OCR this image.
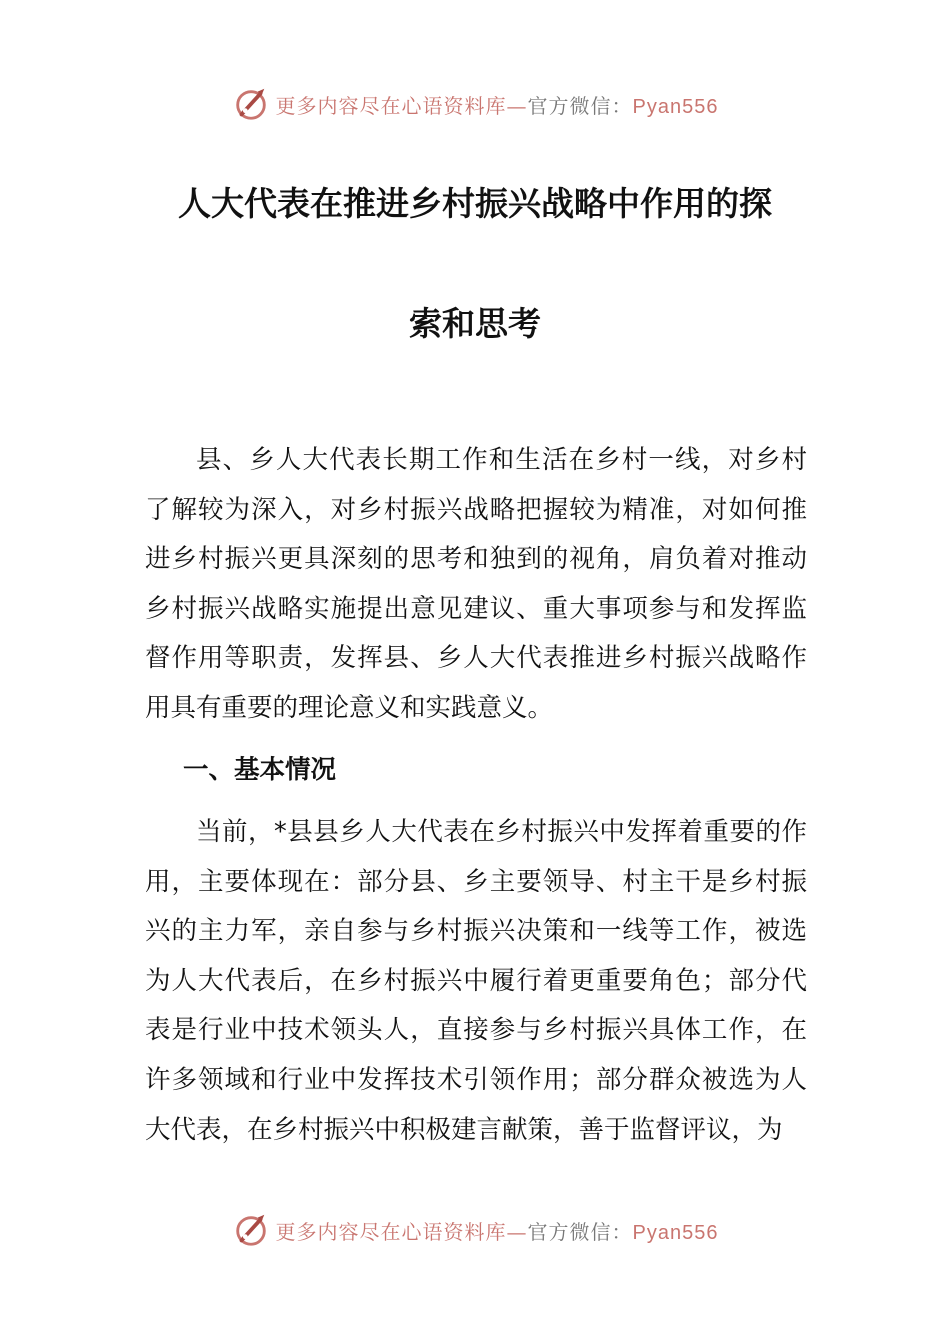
更多内容尽在心语资料库—官方微信：Pyan556
人大代表在推进乡村振兴战略中作用的探
索和思考

县、乡人大代表长期工作和生活在乡村一线，对乡村了解较为深入，对乡村振兴战略把握较为精准，对如何推进乡村振兴更具深刻的思考和独到的视角，肩负着对推动乡村振兴战略实施提出意见建议、重大事项参与和发挥监督作用等职责，发挥县、乡人大代表推进乡村振兴战略作用具有重要的理论意义和实践意义。

一、基本情况

当前，*县县乡人大代表在乡村振兴中发挥着重要的作用，主要体现在：部分县、乡主要领导、村主干是乡村振兴的主力军，亲自参与乡村振兴决策和一线等工作，被选为人大代表后，在乡村振兴中履行着更重要角色；部分代表是行业中技术领头人，直接参与乡村振兴具体工作，在许多领域和行业中发挥技术引领作用；部分群众被选为人大代表，在乡村振兴中积极建言献策，善于监督评议，为

更多内容尽在心语资料库—官方微信：Pyan556
